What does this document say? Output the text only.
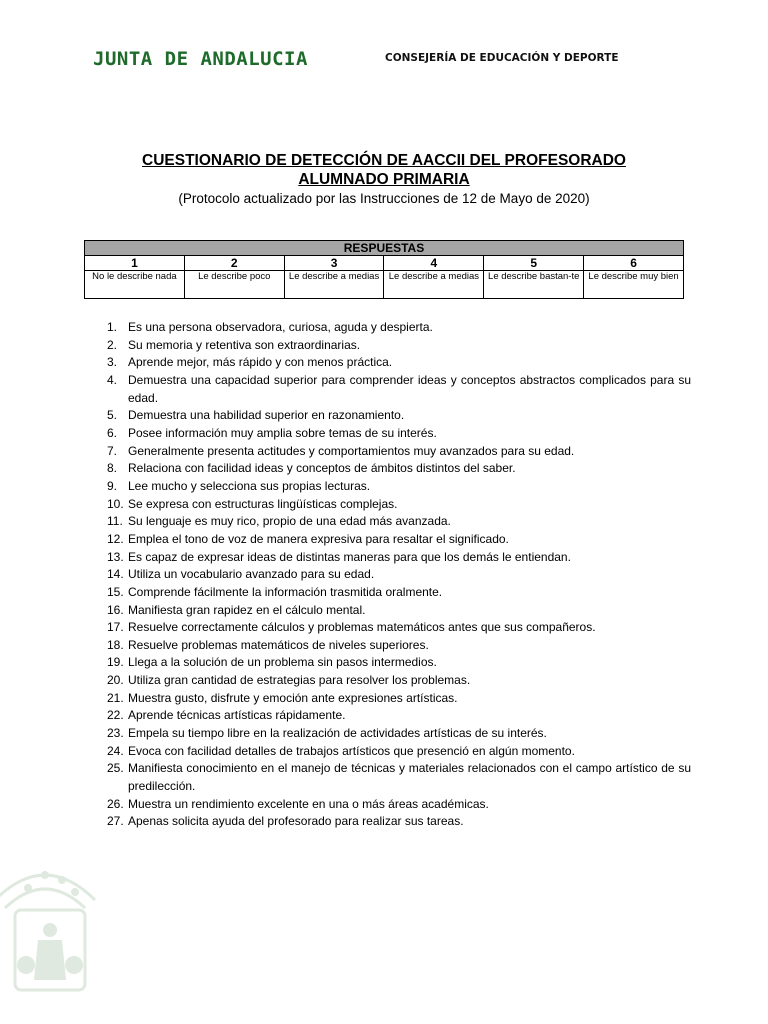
JUNTA DE ANDALUCIA	CONSEJERÍA DE EDUCACIÓN Y DEPORTE
CUESTIONARIO DE DETECCIÓN DE AACCII DEL PROFESORADO
ALUMNADO PRIMARIA
(Protocolo actualizado por las Instrucciones de 12 de Mayo de 2020)
RESPUESTAS					
1	2	3	4	5	6
No le describe nada	Le describe poco	Le describe a medias	Le describe a medias	Le describe bastan-te	Le describe muy bien
1. Es una persona observadora, curiosa, aguda y despierta.
2. Su memoria y retentiva son extraordinarias.
3. Aprende mejor, más rápido y con menos práctica.
4. Demuestra una capacidad superior para comprender ideas y conceptos abstractos complicados para su edad.
5. Demuestra una habilidad superior en razonamiento.
6. Posee información muy amplia sobre temas de su interés.
7. Generalmente presenta actitudes y comportamientos muy avanzados para su edad.
8. Relaciona con facilidad ideas y conceptos de ámbitos distintos del saber.
9. Lee mucho y selecciona sus propias lecturas.
10. Se expresa con estructuras lingüísticas complejas.
11. Su lenguaje es muy rico, propio de una edad más avanzada.
12. Emplea el tono de voz de manera expresiva para resaltar el significado.
13. Es capaz de expresar ideas de distintas maneras para que los demás le entiendan.
14. Utiliza un vocabulario avanzado para su edad.
15. Comprende fácilmente la información trasmitida oralmente.
16. Manifiesta gran rapidez en el cálculo mental.
17. Resuelve correctamente cálculos y problemas matemáticos antes que sus compañeros.
18. Resuelve problemas matemáticos de niveles superiores.
19. Llega a la solución de un problema sin pasos intermedios.
20. Utiliza gran cantidad de estrategias para resolver los problemas.
21. Muestra gusto, disfrute y emoción ante expresiones artísticas.
22. Aprende técnicas artísticas rápidamente.
23. Empela su tiempo libre en la realización de actividades artísticas de su interés.
24. Evoca con facilidad detalles de trabajos artísticos que presenció en algún momento.
25. Manifiesta conocimiento en el manejo de técnicas y materiales relacionados con el campo artístico de su predilección.
26. Muestra un rendimiento excelente en una o más áreas académicas.
27. Apenas solicita ayuda del profesorado para realizar sus tareas.
